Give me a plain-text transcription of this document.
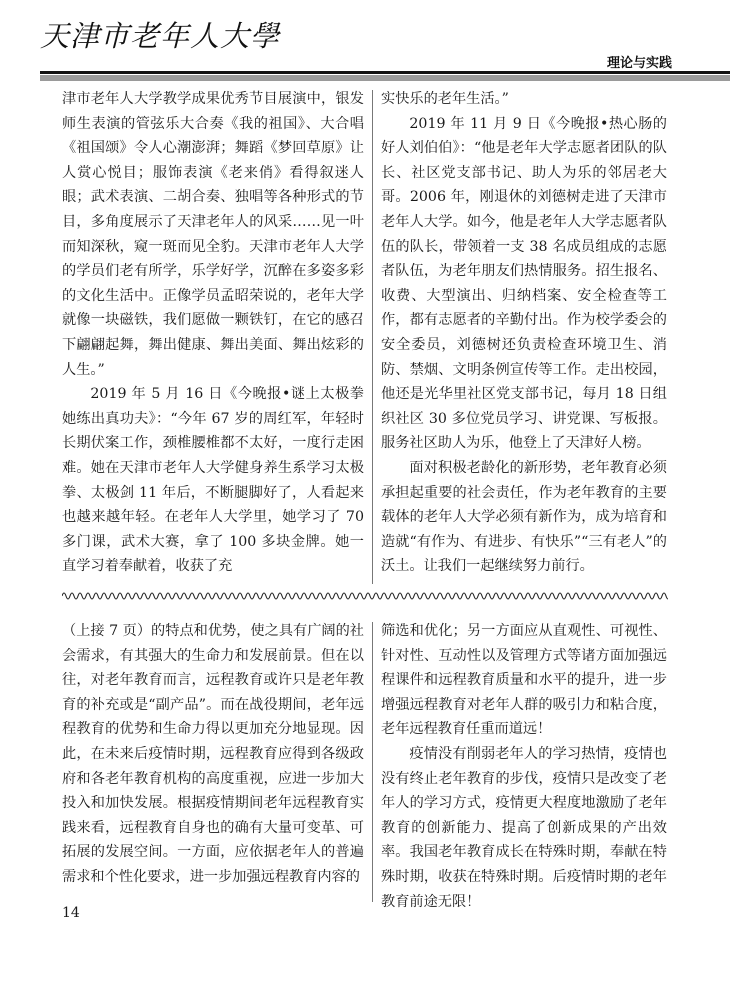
天津市老年人大學
理论与实践

津市老年人大学教学成果优秀节目展演中，银发师生表演的管弦乐大合奏《我的祖国》、大合唱《祖国颂》令人心潮澎湃；舞蹈《梦回草原》让人赏心悦目；服饰表演《老来俏》看得叙迷人眼；武术表演、二胡合奏、独唱等各种形式的节目，多角度展示了天津老年人的风采……见一叶而知深秋，窥一斑而见全豹。天津市老年人大学的学员们老有所学，乐学好学，沉醉在多姿多彩的文化生活中。正像学员孟昭荣说的，老年大学就像一块磁铁，我们愿做一颗铁钉，在它的感召下翩翩起舞，舞出健康、舞出美面、舞出炫彩的人生。”

2019 年 5 月 16 日《今晚报•谜上太极拳她练出真功夫》：“今年 67 岁的周红军，年轻时长期伏案工作，颈椎腰椎都不太好，一度行走困难。她在天津市老年人大学健身养生系学习太极拳、太极剑 11 年后，不断腿脚好了，人看起来也越来越年轻。在老年人大学里，她学习了 70 多门课，武术大赛，拿了 100 多块金牌。她一直学习着奉献着，收获了充

实快乐的老年生活。”

2019 年 11 月 9 日《今晚报•热心肠的好人刘伯伯》：“他是老年大学志愿者团队的队长、社区党支部书记、助人为乐的邻居老大哥。2006 年，刚退休的刘德树走进了天津市老年人大学。如今，他是老年人大学志愿者队伍的队长，带领着一支 38 名成员组成的志愿者队伍，为老年朋友们热情服务。招生报名、收费、大型演出、归纳档案、安全检查等工作，都有志愿者的辛勤付出。作为校学委会的安全委员，刘德树还负责检查环境卫生、消防、禁烟、文明条例宣传等工作。走出校园，他还是光华里社区党支部书记，每月 18 日组织社区 30 多位党员学习、讲党课、写板报。服务社区助人为乐，他登上了天津好人榜。

面对积极老龄化的新形势，老年教育必须承担起重要的社会责任，作为老年教育的主要载体的老年人大学必须有新作为，成为培育和造就“有作为、有进步、有快乐”“三有老人”的沃土。让我们一起继续努力前行。

（上接 7 页）的特点和优势，使之具有广阔的社会需求，有其强大的生命力和发展前景。但在以往，对老年教育而言，远程教育或许只是老年教育的补充或是“副产品”。而在战役期间，老年远程教育的优势和生命力得以更加充分地显现。因此，在未来后疫情时期，远程教育应得到各级政府和各老年教育机构的高度重视，应进一步加大投入和加快发展。根据疫情期间老年远程教育实践来看，远程教育自身也的确有大量可变革、可拓展的发展空间。一方面，应依据老年人的普遍需求和个性化要求，进一步加强远程教育内容的

筛选和优化；另一方面应从直观性、可视性、针对性、互动性以及管理方式等诸方面加强远程课件和远程教育质量和水平的提升，进一步增强远程教育对老年人群的吸引力和粘合度，老年远程教育任重而道远！

疫情没有削弱老年人的学习热情，疫情也没有终止老年教育的步伐，疫情只是改变了老年人的学习方式，疫情更大程度地激励了老年教育的创新能力、提高了创新成果的产出效率。我国老年教育成长在特殊时期，奉献在特殊时期，收获在特殊时期。后疫情时期的老年教育前途无限！

14
